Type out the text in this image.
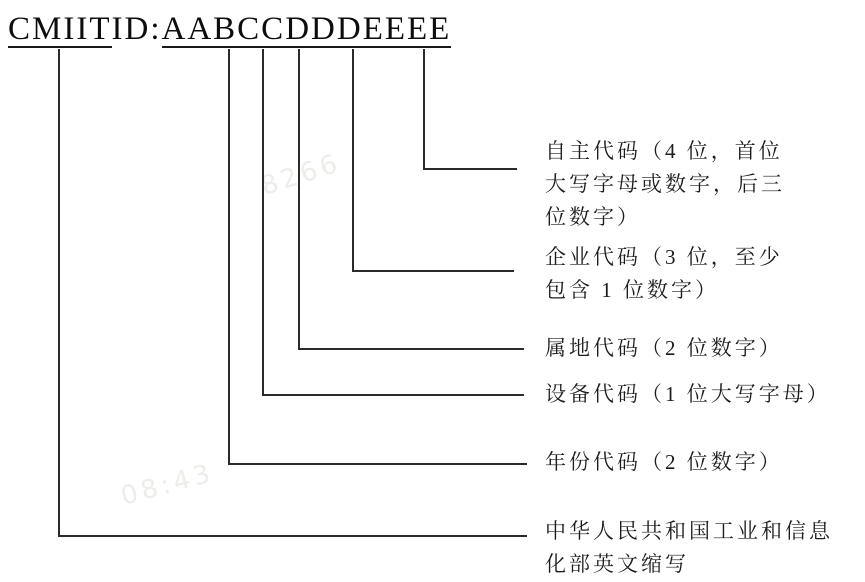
8266
08:43
CMIITID:AABCCDDDEEEE
自主代码（4 位，首位
大写字母或数字，后三
位数字）
企业代码（3 位，至少
包含 1 位数字）
属地代码（2 位数字）
设备代码（1 位大写字母）
年份代码（2 位数字）
中华人民共和国工业和信息
化部英文缩写
